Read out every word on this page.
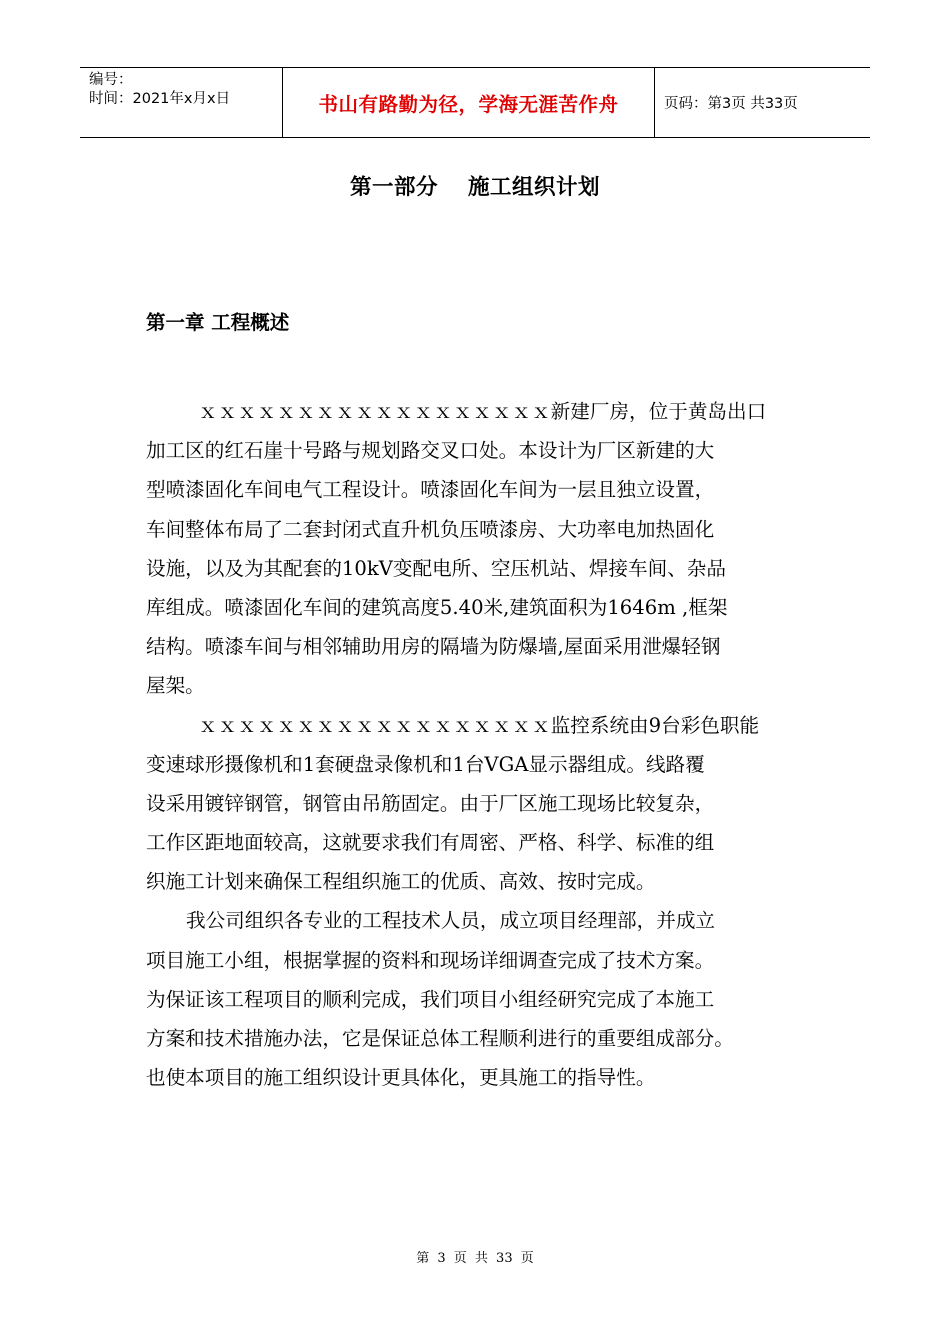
编号：
时间：2021年x月x日	书山有路勤为径，学海无涯苦作舟	页码：第3页 共33页
第一部分 施工组织计划
第一章 工程概述
ｘｘｘｘｘｘｘｘｘｘｘｘｘｘｘｘｘｘ新建厂房，位于黄岛出口
加工区的红石崖十号路与规划路交叉口处。本设计为厂区新建的大
型喷漆固化车间电气工程设计。喷漆固化车间为一层且独立设置，
车间整体布局了二套封闭式直升机负压喷漆房、大功率电加热固化
设施，以及为其配套的10kV变配电所、空压机站、焊接车间、杂品
库组成。喷漆固化车间的建筑高度5.40米,建筑面积为1646m ,框架
结构。喷漆车间与相邻辅助用房的隔墙为防爆墙,屋面采用泄爆轻钢
屋架。
ｘｘｘｘｘｘｘｘｘｘｘｘｘｘｘｘｘｘ监控系统由9台彩色职能
变速球形摄像机和1套硬盘录像机和1台VGA显示器组成。线路覆
设采用镀锌钢管，钢管由吊筋固定。由于厂区施工现场比较复杂，
工作区距地面较高，这就要求我们有周密、严格、科学、标准的组
织施工计划来确保工程组织施工的优质、高效、按时完成。
我公司组织各专业的工程技术人员，成立项目经理部，并成立
项目施工小组，根据掌握的资料和现场详细调查完成了技术方案。
为保证该工程项目的顺利完成，我们项目小组经研究完成了本施工
方案和技术措施办法，它是保证总体工程顺利进行的重要组成部分。
也使本项目的施工组织设计更具体化，更具施工的指导性。
第 3 页 共 33 页
